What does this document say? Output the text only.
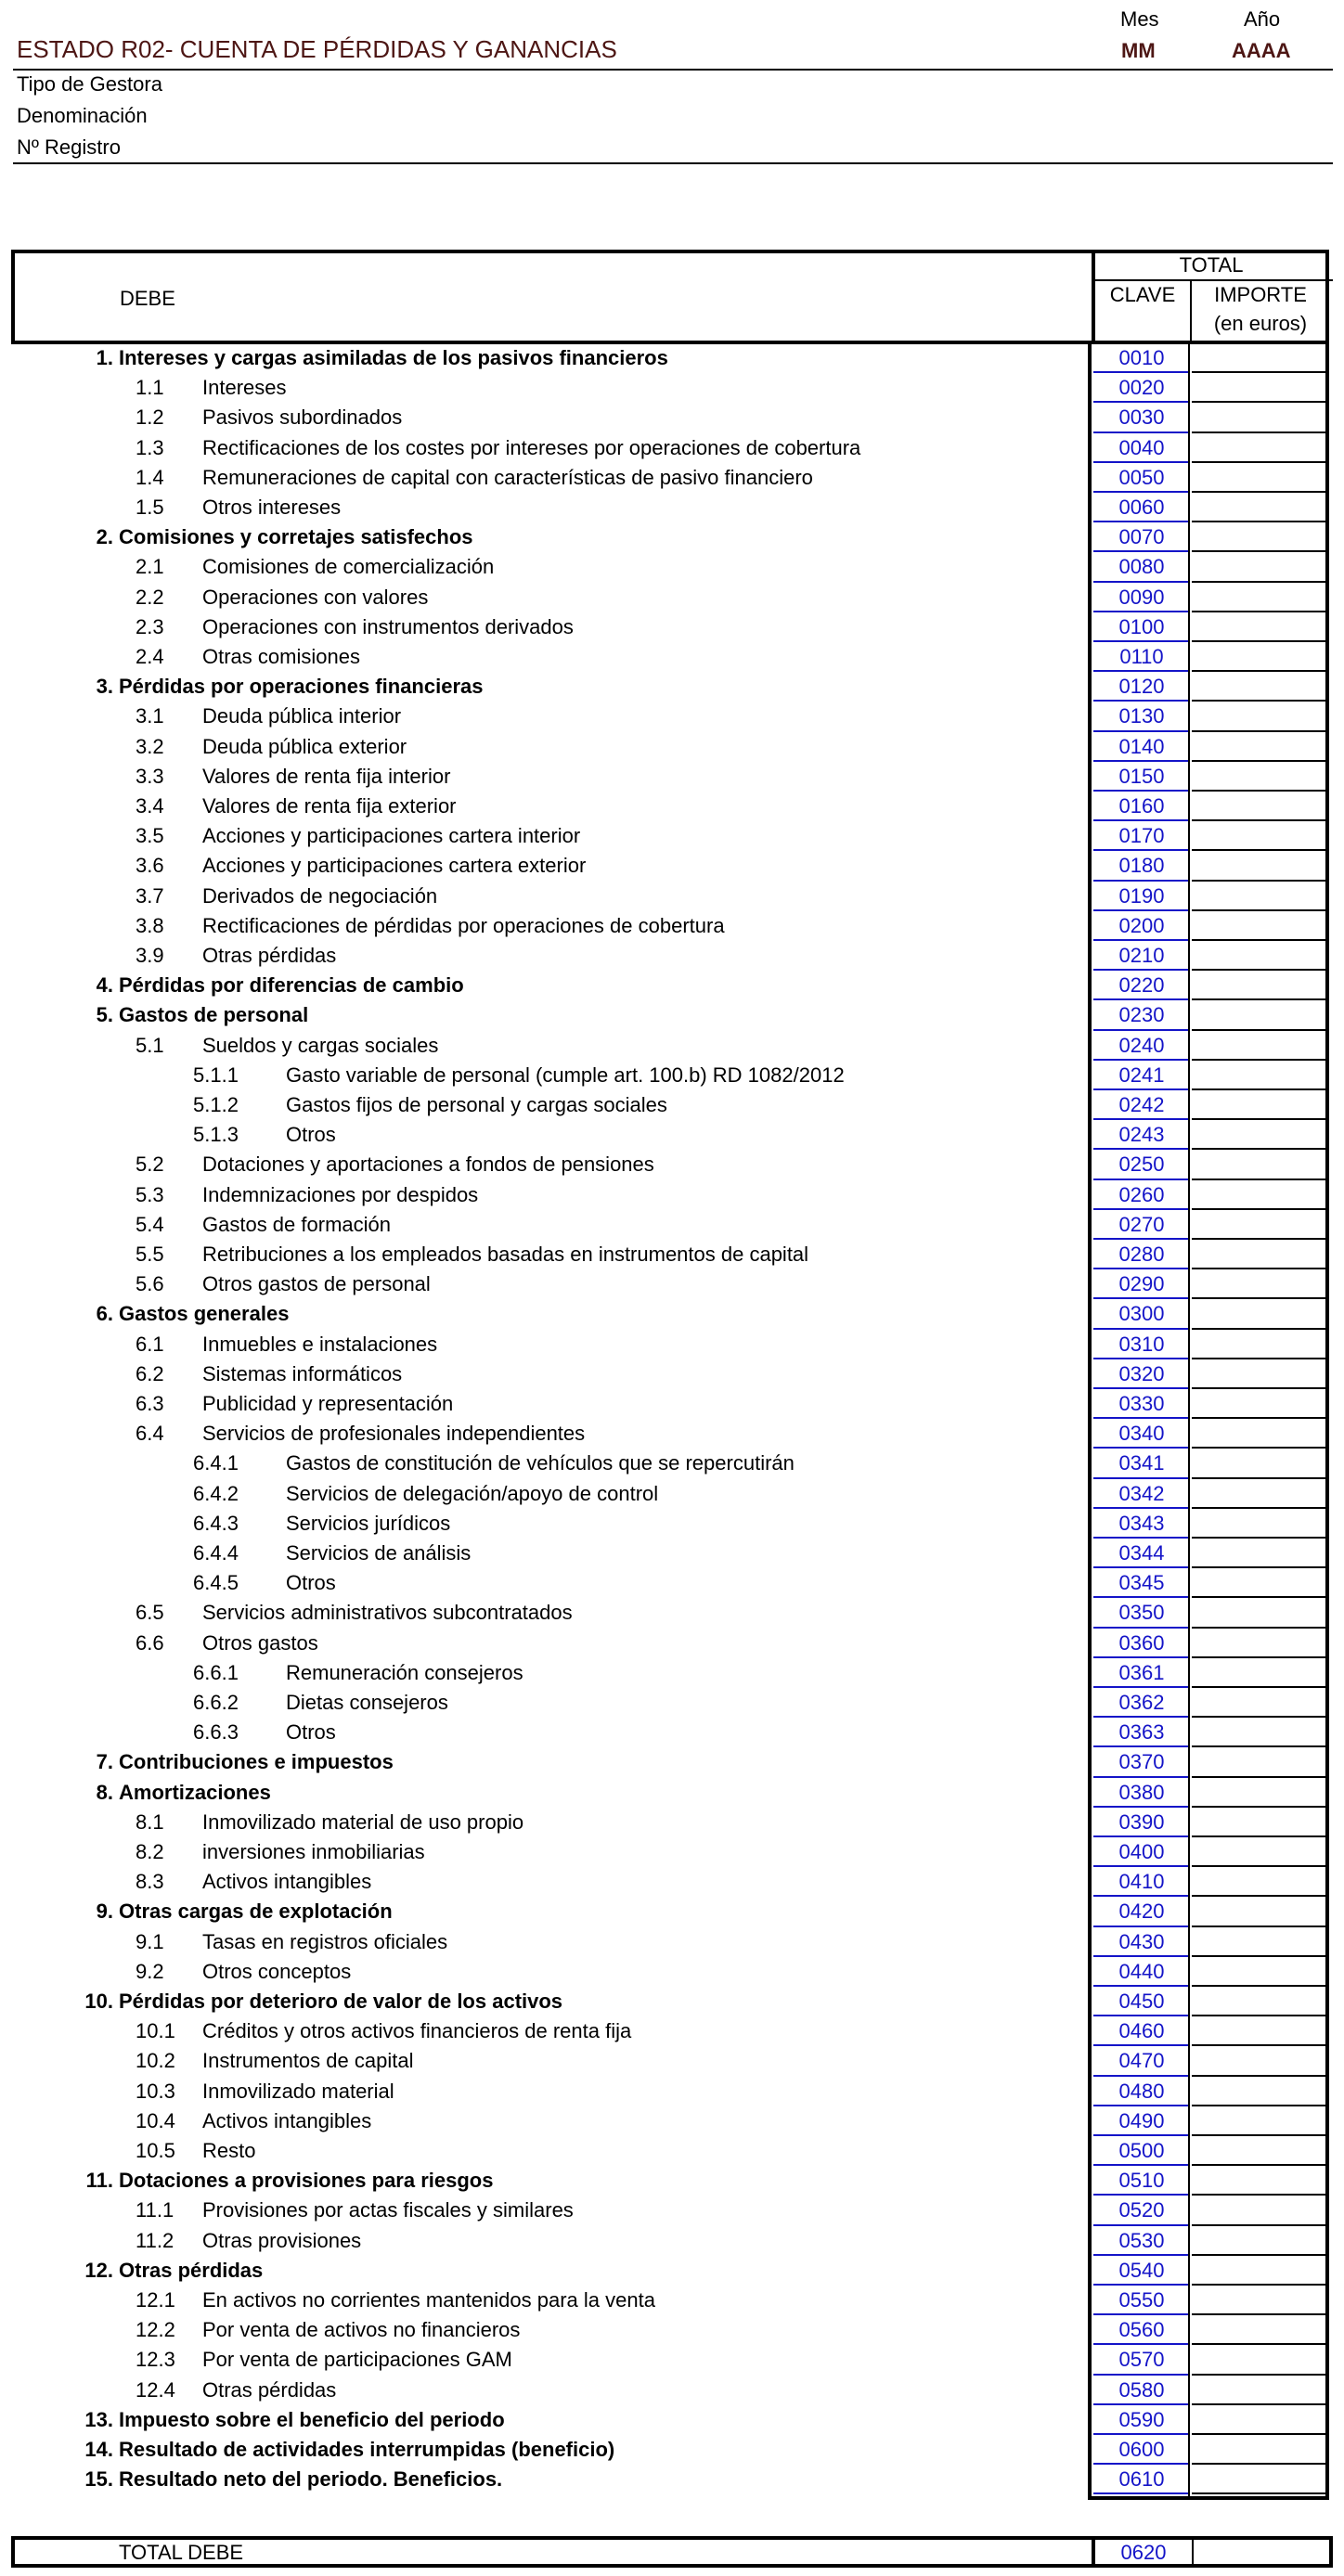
Mes	Año
ESTADO R02- CUENTA DE PÉRDIDAS Y GANANCIAS	MM	AAAA
Tipo de Gestora
Denominación
Nº Registro
TOTAL
DEBE	CLAVE	IMPORTE
(en euros)
1. Intereses y cargas asimiladas de los pasivos financieros	0010
1.1 Intereses	0020
1.2 Pasivos subordinados	0030
1.3 Rectificaciones de los costes por intereses por operaciones de cobertura	0040
1.4 Remuneraciones de capital con características de pasivo financiero	0050
1.5 Otros intereses	0060
2. Comisiones y corretajes satisfechos	0070
2.1 Comisiones de comercialización	0080
2.2 Operaciones con valores	0090
2.3 Operaciones con instrumentos derivados	0100
2.4 Otras comisiones	0110
3. Pérdidas por operaciones financieras	0120
3.1 Deuda pública interior	0130
3.2 Deuda pública exterior	0140
3.3 Valores de renta fija interior	0150
3.4 Valores de renta fija exterior	0160
3.5 Acciones y participaciones cartera interior	0170
3.6 Acciones y participaciones cartera exterior	0180
3.7 Derivados de negociación	0190
3.8 Rectificaciones de pérdidas por operaciones de cobertura	0200
3.9 Otras pérdidas	0210
4. Pérdidas por diferencias de cambio	0220
5. Gastos de personal	0230
5.1 Sueldos y cargas sociales	0240
5.1.1 Gasto variable de personal (cumple art. 100.b) RD 1082/2012	0241
5.1.2 Gastos fijos de personal y cargas sociales	0242
5.1.3 Otros	0243
5.2 Dotaciones y aportaciones a fondos de pensiones	0250
5.3 Indemnizaciones por despidos	0260
5.4 Gastos de formación	0270
5.5 Retribuciones a los empleados basadas en instrumentos de capital	0280
5.6 Otros gastos de personal	0290
6. Gastos generales	0300
6.1 Inmuebles e instalaciones	0310
6.2 Sistemas informáticos	0320
6.3 Publicidad y representación	0330
6.4 Servicios de profesionales independientes	0340
6.4.1 Gastos de constitución de vehículos que se repercutirán	0341
6.4.2 Servicios de delegación/apoyo de control	0342
6.4.3 Servicios jurídicos	0343
6.4.4 Servicios de análisis	0344
6.4.5 Otros	0345
6.5 Servicios administrativos subcontratados	0350
6.6 Otros gastos	0360
6.6.1 Remuneración consejeros	0361
6.6.2 Dietas consejeros	0362
6.6.3 Otros	0363
7. Contribuciones e impuestos	0370
8. Amortizaciones	0380
8.1 Inmovilizado material de uso propio	0390
8.2 inversiones inmobiliarias	0400
8.3 Activos intangibles	0410
9. Otras cargas de explotación	0420
9.1 Tasas en registros oficiales	0430
9.2 Otros conceptos	0440
10. Pérdidas por deterioro de valor de los activos	0450
10.1 Créditos y otros activos financieros de renta fija	0460
10.2 Instrumentos de capital	0470
10.3 Inmovilizado material	0480
10.4 Activos intangibles	0490
10.5 Resto	0500
11. Dotaciones a provisiones para riesgos	0510
11.1 Provisiones por actas fiscales y similares	0520
11.2 Otras provisiones	0530
12. Otras pérdidas	0540
12.1 En activos no corrientes mantenidos para la venta	0550
12.2 Por venta de activos no financieros	0560
12.3 Por venta de participaciones GAM	0570
12.4 Otras pérdidas	0580
13. Impuesto sobre el beneficio del periodo	0590
14. Resultado de actividades interrumpidas (beneficio)	0600
15. Resultado neto del periodo. Beneficios.	0610
TOTAL DEBE	0620
